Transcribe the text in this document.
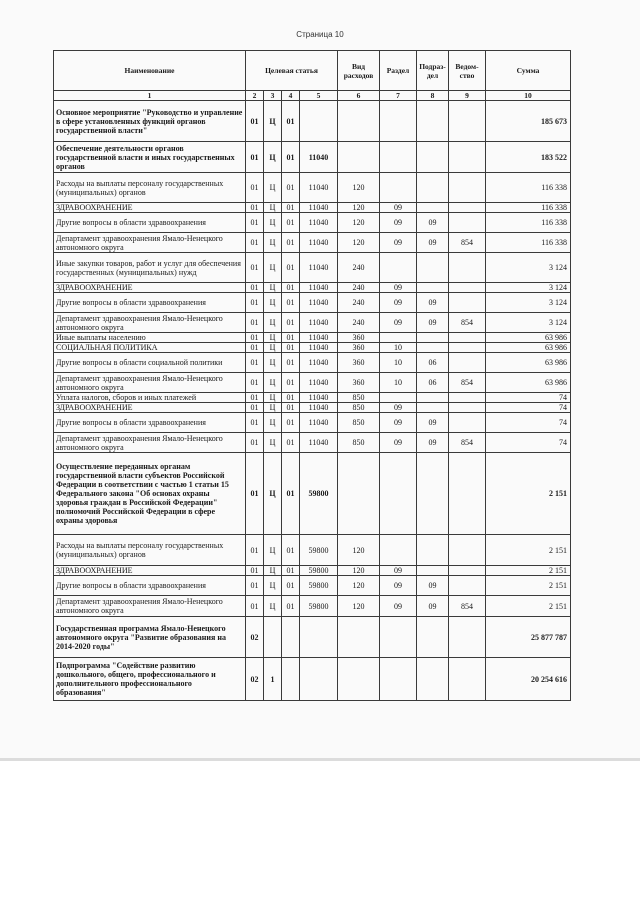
Страница 10
Наименование	Целевая статья				Вид расходов	Раздел	Подраз-дел	Ведом-ство	Сумма
1	2	3	4	5	6	7	8	9	10
Основное мероприятие "Руководство и управление в сфере установленных функций органов государственной власти"	01	Ц	01						185 673
Обеспечение деятельности органов государственной власти и иных государственных органов	01	Ц	01	11040					183 522
Расходы на выплаты персоналу государственных (муниципальных) органов	01	Ц	01	11040	120				116 338
ЗДРАВООХРАНЕНИЕ	01	Ц	01	11040	120	09			116 338
Другие вопросы в области здравоохранения	01	Ц	01	11040	120	09	09		116 338
Департамент здравоохранения Ямало-Ненецкого автономного округа	01	Ц	01	11040	120	09	09	854	116 338
Иные закупки товаров, работ и услуг для обеспечения государственных (муниципальных) нужд	01	Ц	01	11040	240				3 124
ЗДРАВООХРАНЕНИЕ	01	Ц	01	11040	240	09			3 124
Другие вопросы в области здравоохранения	01	Ц	01	11040	240	09	09		3 124
Департамент здравоохранения Ямало-Ненецкого автономного округа	01	Ц	01	11040	240	09	09	854	3 124
Иные выплаты населению	01	Ц	01	11040	360				63 986
СОЦИАЛЬНАЯ ПОЛИТИКА	01	Ц	01	11040	360	10			63 986
Другие вопросы в области социальной политики	01	Ц	01	11040	360	10	06		63 986
Департамент здравоохранения Ямало-Ненецкого автономного округа	01	Ц	01	11040	360	10	06	854	63 986
Уплата налогов, сборов и иных платежей	01	Ц	01	11040	850				74
ЗДРАВООХРАНЕНИЕ	01	Ц	01	11040	850	09			74
Другие вопросы в области здравоохранения	01	Ц	01	11040	850	09	09		74
Департамент здравоохранения Ямало-Ненецкого автономного округа	01	Ц	01	11040	850	09	09	854	74
Осуществление переданных органам государственной власти субъектов Российской Федерации в соответствии с частью 1 статьи 15 Федерального закона "Об основах охраны здоровья граждан в Российской Федерации" полномочий Российской Федерации в сфере охраны здоровья	01	Ц	01	59800					2 151
Расходы на выплаты персоналу государственных (муниципальных) органов	01	Ц	01	59800	120				2 151
ЗДРАВООХРАНЕНИЕ	01	Ц	01	59800	120	09			2 151
Другие вопросы в области здравоохранения	01	Ц	01	59800	120	09	09		2 151
Департамент здравоохранения Ямало-Ненецкого автономного округа	01	Ц	01	59800	120	09	09	854	2 151
Государственная программа Ямало-Ненецкого автономного округа "Развитие образования на 2014-2020 годы"	02								25 877 787
Подпрограмма "Содействие развитию дошкольного, общего, профессионального и дополнительного профессионального образования"	02	1							20 254 616
